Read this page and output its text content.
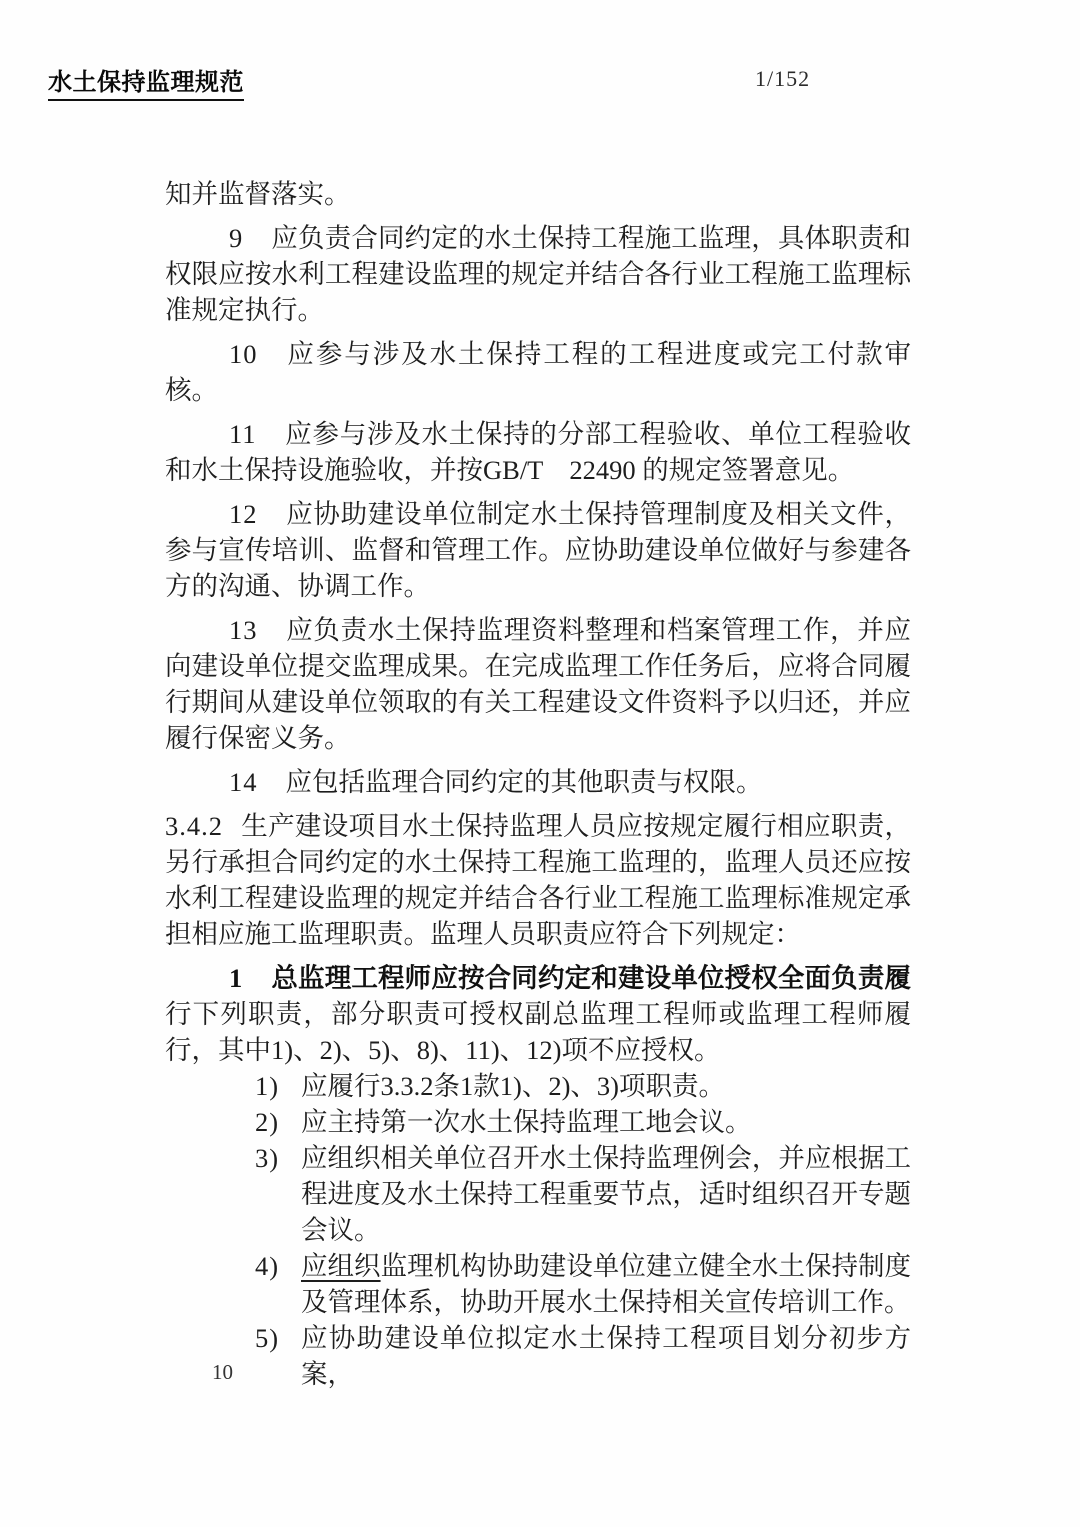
水土保持监理规范	1/152

知并监督落实。

9 应负责合同约定的水土保持工程施工监理，具体职责和权限应按水利工程建设监理的规定并结合各行业工程施工监理标准规定执行。

10 应参与涉及水土保持工程的工程进度或完工付款审核。

11 应参与涉及水土保持的分部工程验收、单位工程验收和水土保持设施验收，并按GB/T　22490 的规定签署意见。

12 应协助建设单位制定水土保持管理制度及相关文件，参与宣传培训、监督和管理工作。应协助建设单位做好与参建各方的沟通、协调工作。

13 应负责水土保持监理资料整理和档案管理工作，并应向建设单位提交监理成果。在完成监理工作任务后，应将合同履行期间从建设单位领取的有关工程建设文件资料予以归还，并应履行保密义务。

14 应包括监理合同约定的其他职责与权限。

3.4.2 生产建设项目水土保持监理人员应按规定履行相应职责，另行承担合同约定的水土保持工程施工监理的，监理人员还应按水利工程建设监理的规定并结合各行业工程施工监理标准规定承担相应施工监理职责。监理人员职责应符合下列规定：

1 总监理工程师应按合同约定和建设单位授权全面负责履行下列职责，部分职责可授权副总监理工程师或监理工程师履行，其中1)、2)、5)、8)、11)、12)项不应授权。

1) 应履行3.3.2条1款1)、2)、3)项职责。

2) 应主持第一次水土保持监理工地会议。

3) 应组织相关单位召开水土保持监理例会，并应根据工程进度及水土保持工程重要节点，适时组织召开专题会议。

4) 应组织监理机构协助建设单位建立健全水土保持制度及管理体系，协助开展水土保持相关宣传培训工作。

5) 应协助建设单位拟定水土保持工程项目划分初步方案，

10
